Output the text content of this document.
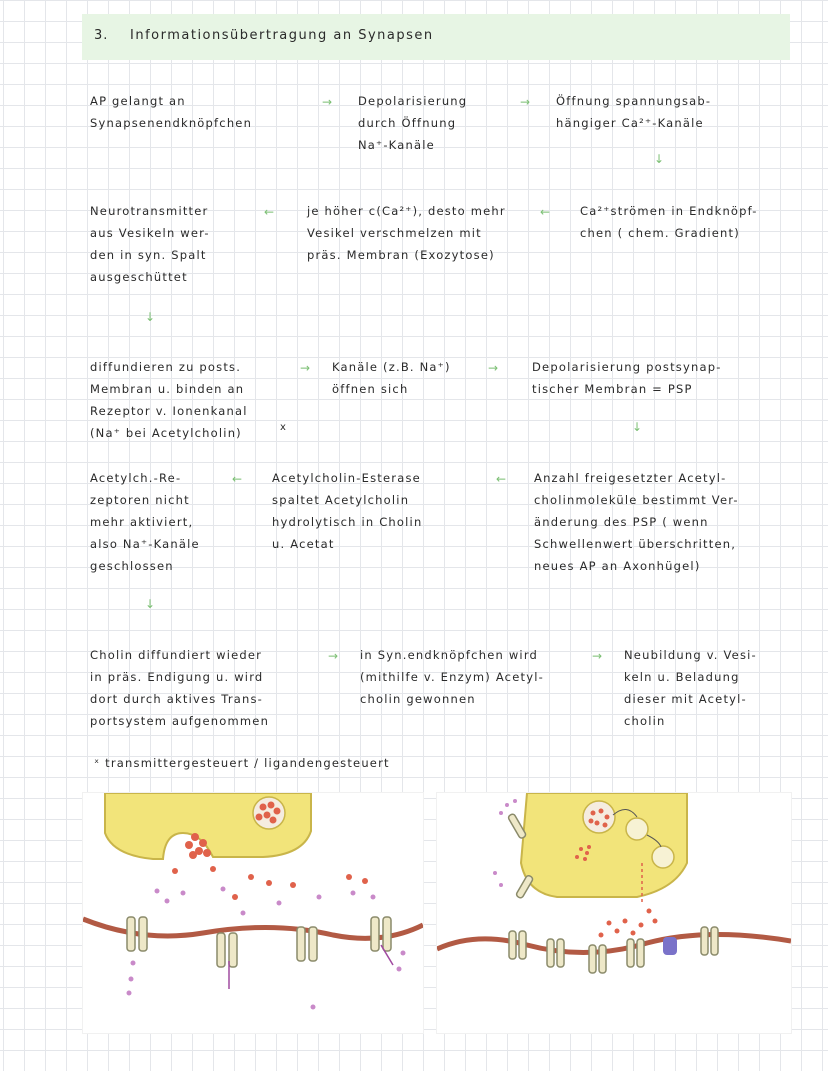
3. Informationsübertragung an Synapsen

AP gelangt an
Synapsenendknöpfchen

→ Depolarisierung
durch Öffnung
Na⁺-Kanäle

→ Öffnung spannungsab-
hängiger Ca²⁺-Kanäle

↓

Neurotransmitter
aus Vesikeln wer-
den in syn. Spalt
ausgeschüttet

←	je höher c(Ca²⁺), desto mehr
Vesikel verschmelzen mit
präs. Membran (Exozytose)

←	Ca²⁺strömen in Endknöpf-
chen ( chem. Gradient)

↓

diffundieren zu posts.
Membran u. binden an
Rezeptor v. Ionenkanal
(Na⁺ bei Acetylcholin)	x
→ Kanäle (z.B. Na⁺)
öffnen sich

→	Depolarisierung postsynap-
tischer Membran = PSP

↓

Acetylch.-Re-
zeptoren nicht
mehr aktiviert,
also Na⁺-Kanäle
geschlossen

←	Acetylcholin-Esterase
spaltet Acetylcholin
hydrolytisch in Cholin
u. Acetat

← Anzahl freigesetzter Acetyl-
cholinmoleküle bestimmt Ver-
änderung des PSP ( wenn
Schwellenwert überschritten,
neues AP an Axonhügel)

↓

Cholin diffundiert wieder
in präs. Endigung u. wird
dort durch aktives Trans-
portsystem aufgenommen

→ in Syn.endknöpfchen wird
(mithilfe v. Enzym) Acetyl-
cholin gewonnen

→ Neubildung v. Vesi-
keln u. Beladung
dieser mit Acetyl-
cholin

ˣ transmittergesteuert / ligandengesteuert
